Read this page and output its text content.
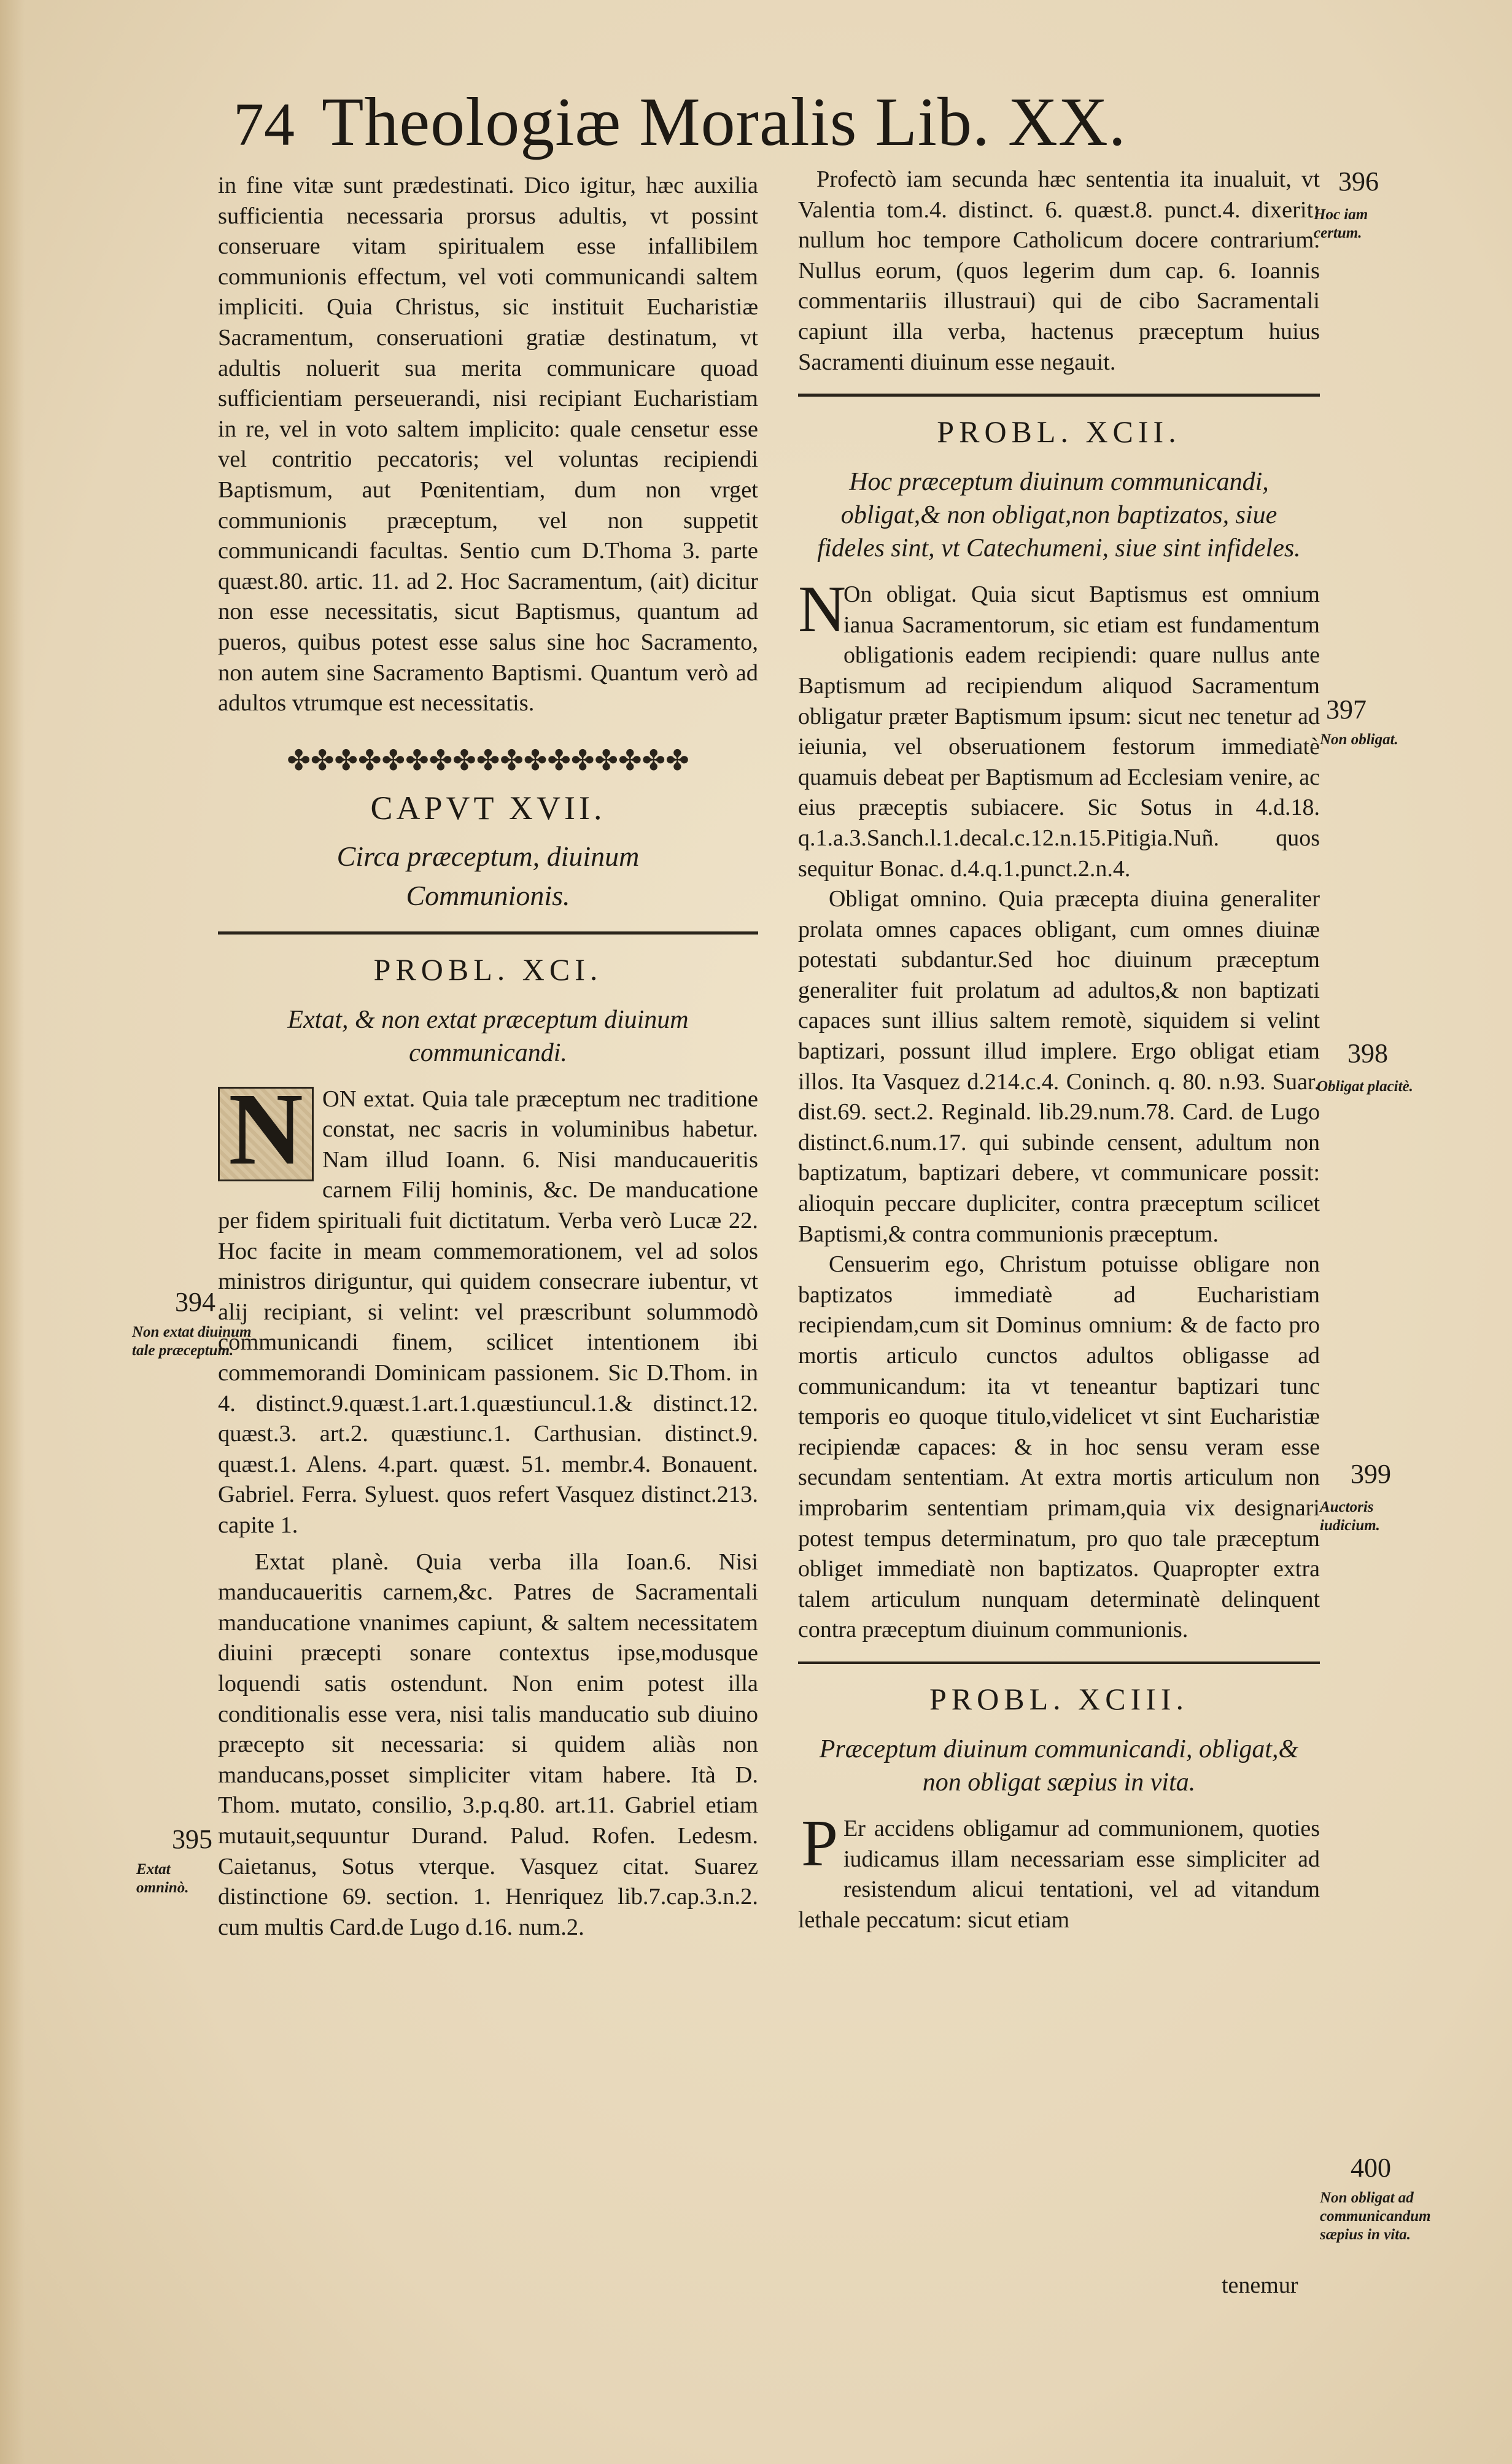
74 Theologiæ Moralis Lib. XX.

in fine vitæ sunt prædestinati. Dico igitur, hæc auxilia sufficientia necessaria prorsus adultis, vt possint conseruare vitam spiritualem esse infallibilem communionis effectum, vel voti communicandi saltem impliciti. Quia Christus, sic instituit Eucharistiæ Sacramentum, conseruationi gratiæ destinatum, vt adultis noluerit sua merita communicare quoad sufficientiam perseuerandi, nisi recipiant Eucharistiam in re, vel in voto saltem implicito: quale censetur esse vel contritio peccatoris; vel voluntas recipiendi Baptismum, aut Pœnitentiam, dum non vrget communionis præceptum, vel non suppetit communicandi facultas. Sentio cum D.Thoma 3. parte quæst.80. artic. 11. ad 2. Hoc Sacramentum, (ait) dicitur non esse necessitatis, sicut Baptismus, quantum ad pueros, quibus potest esse salus sine hoc Sacramento, non autem sine Sacramento Baptismi. Quantum verò ad adultos vtrumque est necessitatis.

✤✤✤✤✤✤✤✤✤✤✤✤✤✤✤✤✤
CAPVT XVII.
Circa præceptum, diuinum Communionis.
PROBL. XCI.
Extat, & non extat præceptum diuinum communicandi.
N ON extat. Quia tale præceptum nec traditione constat, nec sacris in voluminibus habetur. Nam illud Ioann. 6. Nisi manducaueritis carnem Filij hominis, &c. De manducatione per fidem spirituali fuit dictitatum. Verba verò Lucæ 22. Hoc facite in meam commemorationem, vel ad solos ministros diriguntur, qui quidem consecrare iubentur, vt alij recipiant, si velint: vel præscribunt solummodò communicandi finem, scilicet intentionem ibi commemorandi Dominicam passionem. Sic D.Thom. in 4. distinct.9.quæst.1.art.1.quæstiuncul.1.& distinct.12. quæst.3. art.2. quæstiunc.1. Carthusian. distinct.9. quæst.1. Alens. 4.part. quæst. 51. membr.4. Bonauent. Gabriel. Ferra. Syluest. quos refert Vasquez distinct.213. capite 1.

Extat planè. Quia verba illa Ioan.6. Nisi manducaueritis carnem,&c. Patres de Sacramentali manducatione vnanimes capiunt, & saltem necessitatem diuini præcepti sonare contextus ipse,modusque loquendi satis ostendunt. Non enim potest illa conditionalis esse vera, nisi talis manducatio sub diuino præcepto sit necessaria: si quidem aliàs non manducans,posset simpliciter vitam habere. Ità D. Thom. mutato, consilio, 3.p.q.80. art.11. Gabriel etiam mutauit,sequuntur Durand. Palud. Rofen. Ledesm. Caietanus, Sotus vterque. Vasquez citat. Suarez distinctione 69. section. 1. Henriquez lib.7.cap.3.n.2. cum multis Card.de Lugo d.16. num.2.

394
Non extat diuinum tale præceptum.
395
Extat omninò.

Profectò iam secunda hæc sententia ita inualuit, vt Valentia tom.4. distinct. 6. quæst.8. punct.4. dixerit: nullum hoc tempore Catholicum docere contrarium. Nullus eorum, (quos legerim dum cap. 6. Ioannis commentariis illustraui) qui de cibo Sacramentali capiunt illa verba, hactenus præceptum huius Sacramenti diuinum esse negauit.

PROBL. XCII.
Hoc præceptum diuinum communicandi, obligat,& non obligat,non baptizatos, siue fideles sint, vt Catechumeni, siue sint infideles.
N

On obligat. Quia sicut Baptismus est omnium ianua Sacramentorum, sic etiam est fundamentum obligationis eadem recipiendi: quare nullus ante Baptismum ad recipiendum aliquod Sacramentum obligatur præter Baptismum ipsum: sicut nec tenetur ad ieiunia, vel obseruationem festorum immediatè quamuis debeat per Baptismum ad Ecclesiam venire, ac eius præceptis subiacere. Sic Sotus in 4.d.18. q.1.a.3.Sanch.l.1.decal.c.12.n.15.Pitigia.Nuñ. quos sequitur Bonac. d.4.q.1.punct.2.n.4.

Obligat omnino. Quia præcepta diuina generaliter prolata omnes capaces obligant, cum omnes diuinæ potestati subdantur.Sed hoc diuinum præceptum generaliter fuit prolatum ad adultos,& non baptizati capaces sunt illius saltem remotè, siquidem si velint baptizari, possunt illud implere. Ergo obligat etiam illos. Ita Vasquez d.214.c.4. Coninch. q. 80. n.93. Suar. dist.69. sect.2. Reginald. lib.29.num.78. Card. de Lugo distinct.6.num.17. qui subinde censent, adultum non baptizatum, baptizari debere, vt communicare possit: alioquin peccare dupliciter, contra præceptum scilicet Baptismi,& contra communionis præceptum.

Censuerim ego, Christum potuisse obligare non baptizatos immediatè ad Eucharistiam recipiendam,cum sit Dominus omnium: & de facto pro mortis articulo cunctos adultos obligasse ad communicandum: ita vt teneantur baptizari tunc temporis eo quoque titulo,videlicet vt sint Eucharistiæ recipiendæ capaces: & in hoc sensu veram esse secundam sententiam. At extra mortis articulum non improbarim sententiam primam,quia vix designari potest tempus determinatum, pro quo tale præceptum obliget immediatè non baptizatos. Quapropter extra talem articulum nunquam determinatè delinquent contra præceptum diuinum communionis.

PROBL. XCIII.
Præceptum diuinum communicandi, obligat,& non obligat sæpius in vita.
P Er accidens obligamur ad communionem, quoties iudicamus illam necessariam esse simpliciter ad resistendum alicui tentationi, vel ad vitandum lethale peccatum: sicut etiam

tenemur
396
Hoc iam certum.
397
Non obligat.
398
Obligat placitè.
399
Auctoris iudicium.
400
Non obligat ad communicandum sæpius in vita.
